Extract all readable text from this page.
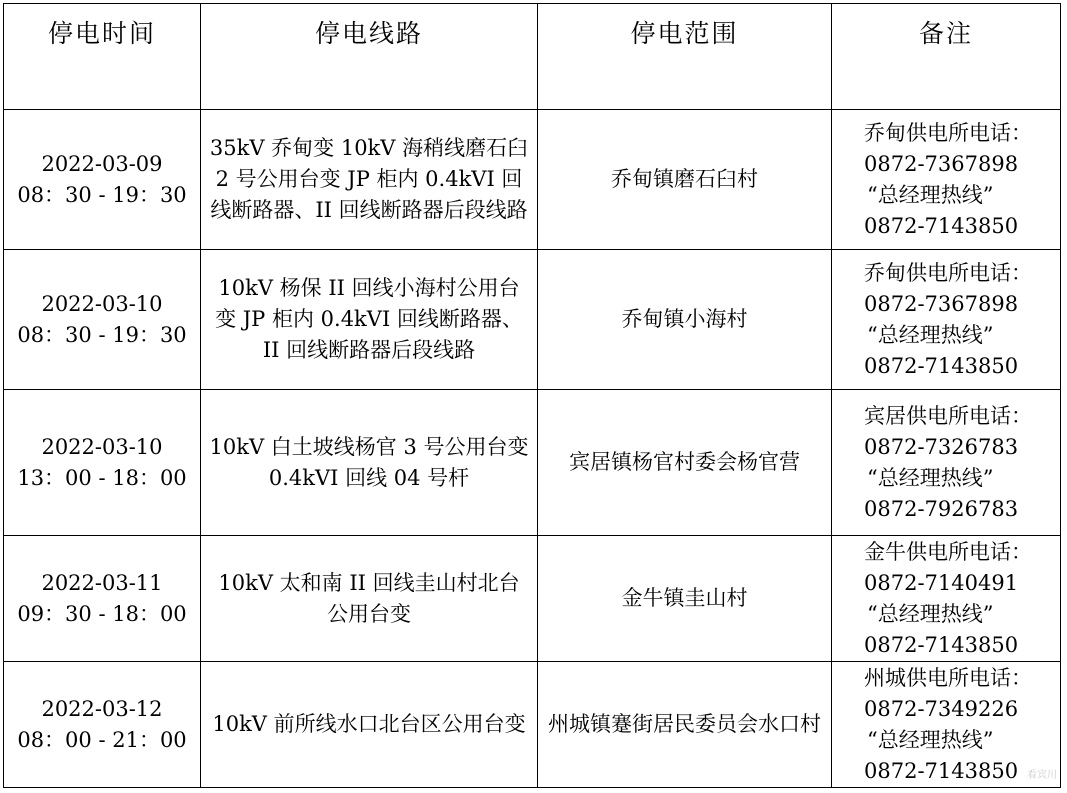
停电时间	停电线路	停电范围	备注

2022-03-09
08：30 - 19：30	35kV 乔甸变 10kV 海稍线磨石臼 2 号公用台变 JP 柜内 0.4kVI 回线断路器、II 回线断路器后段线路	乔甸镇磨石臼村	乔甸供电所电话：
0872-7367898
“总经理热线”
0872-7143850

2022-03-10
08：30 - 19：30	10kV 杨保 II 回线小海村公用台变 JP 柜内 0.4kVI 回线断路器、II 回线断路器后段线路	乔甸镇小海村	乔甸供电所电话：
0872-7367898
“总经理热线”
0872-7143850

2022-03-10
13：00 - 18：00	10kV 白土坡线杨官 3 号公用台变 0.4kVI 回线 04 号杆	宾居镇杨官村委会杨官营	宾居供电所电话：
0872-7326783
“总经理热线”
0872-7926783

2022-03-11
09：30 - 18：00	10kV 太和南 II 回线圭山村北台公用台变	金牛镇圭山村	金牛供电所电话：
0872-7140491
“总经理热线”
0872-7143850

2022-03-12
08：00 - 21：00	10kV 前所线水口北台区公用台变	州城镇蹇街居民委员会水口村	州城供电所电话：
0872-7349226
“总经理热线”
0872-7143850 看宾川
